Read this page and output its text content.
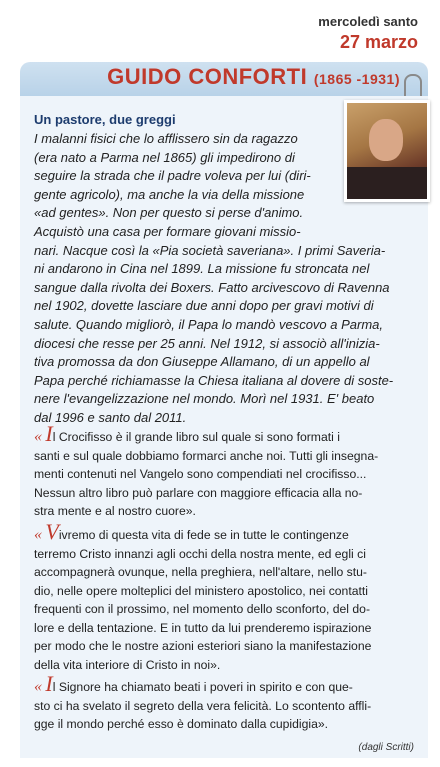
mercoledì santo
27 marzo
GUIDO CONFORTI (1865 -1931)
Un pastore, due greggi
I malanni fisici che lo afflissero sin da ragazzo
(era nato a Parma nel 1865) gli impedirono di
seguire la strada che il padre voleva per lui (diri-
gente agricolo), ma anche la via della missione
«ad gentes». Non per questo si perse d'animo.
Acquistò una casa per formare giovani missio-
nari. Nacque così la «Pia società saveriana». I primi Saveria-
ni andarono in Cina nel 1899. La missione fu stroncata nel
sangue dalla rivolta dei Boxers. Fatto arcivescovo di Ravenna
nel 1902, dovette lasciare due anni dopo per gravi motivi di
salute. Quando migliorò, il Papa lo mandò vescovo a Parma,
diocesi che resse per 25 anni. Nel 1912, si associò all'inizia-
tiva promossa da don Giuseppe Allamano, di un appello al
Papa perché richiamasse la Chiesa italiana al dovere di soste-
nere l'evangelizzazione nel mondo. Morì nel 1931. E' beato
dal 1996 e santo dal 2011.
« Il Crocifisso è il grande libro sul quale si sono formati i
santi e sul quale dobbiamo formarci anche noi. Tutti gli insegna-
menti contenuti nel Vangelo sono compendiati nel crocifisso...
Nessun altro libro può parlare con maggiore efficacia alla no-
stra mente e al nostro cuore».
« Vivremo di questa vita di fede se in tutte le contingenze
terremo Cristo innanzi agli occhi della nostra mente, ed egli ci
accompagnerà ovunque, nella preghiera, nell'altare, nello stu-
dio, nelle opere molteplici del ministero apostolico, nei contatti
frequenti con il prossimo, nel momento dello sconforto, del do-
lore e della tentazione. E in tutto da lui prenderemo ispirazione
per modo che le nostre azioni esteriori siano la manifestazione
della vita interiore di Cristo in noi».
« Il Signore ha chiamato beati i poveri in spirito e con que-
sto ci ha svelato il segreto della vera felicità. Lo scontento affli-
gge il mondo perché esso è dominato dalla cupidigia».
(dagli Scritti)
